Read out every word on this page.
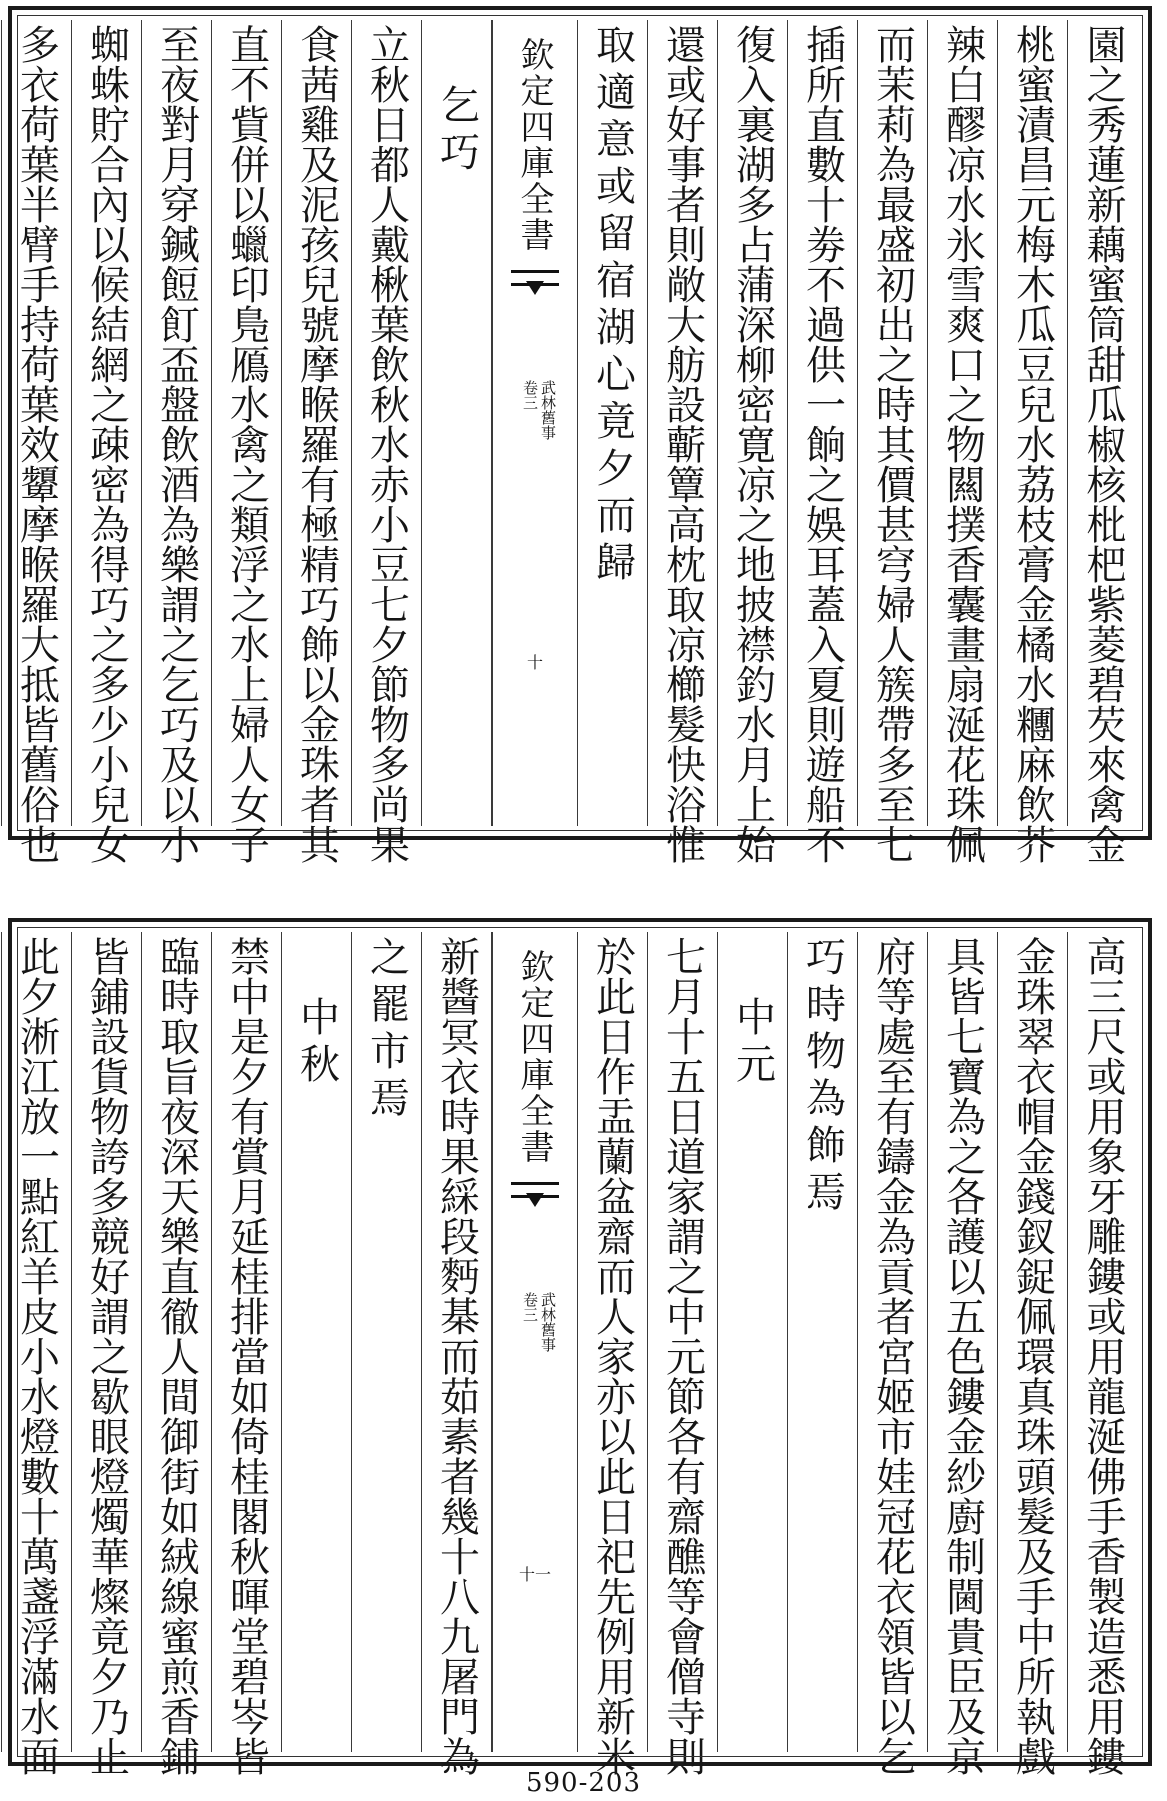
園
之
秀
蓮
新
藕
蜜
筒
甜
瓜
椒
核
枇
杷
紫
菱
碧
芡
來
禽
金
桃
蜜
漬
昌
元
梅
木
瓜
豆
兒
水
荔
枝
膏
金
橘
水
糰
麻
飲
芥
辣
白
醪
凉
水
氷
雪
爽
口
之
物
闗
撲
香
囊
畫
扇
涎
花
珠
佩
而
茉
莉
為
最
盛
初
出
之
時
其
價
甚
穹
婦
人
簇
帶
多
至
七
插
所
直
數
十
劵
不
過
供
一
餉
之
娛
耳
蓋
入
夏
則
遊
船
不
復
入
裏
湖
多
占
蒲
深
柳
密
寛
凉
之
地
披
襟
釣
水
月
上
始
還
或
好
事
者
則
敞
大
舫
設
蘄
簟
高
枕
取
凉
櫛
髮
快
浴
惟
取
適
意
或
留
宿
湖
心
竟
夕
而
歸
欽定四庫全書
武林舊事
卷三
十
乞
巧
立
秋
日
都
人
戴
楸
葉
飲
秋
水
赤
小
豆
七
夕
節
物
多
尚
果
食
茜
雞
及
泥
孩
兒
號
摩
睺
羅
有
極
精
巧
飾
以
金
珠
者
其
直
不
貲
併
以
蠟
印
鳬
鴈
水
禽
之
類
浮
之
水
上
婦
人
女
子
至
夜
對
月
穿
鍼
餖
飣
盃
盤
飲
酒
為
樂
謂
之
乞
巧
及
以
小
蜘
蛛
貯
合
內
以
候
結
網
之
疎
密
為
得
巧
之
多
少
小
兒
女
多
衣
荷
葉
半
臂
手
持
荷
葉
效
顰
摩
睺
羅
大
抵
皆
舊
俗
也
高
三
尺
或
用
象
牙
雕
鏤
或
用
龍
涎
佛
手
香
製
造
悉
用
鏤
金
珠
翠
衣
帽
金
錢
釵
鋜
佩
環
真
珠
頭
髮
及
手
中
所
執
戲
具
皆
七
寶
為
之
各
護
以
五
色
鏤
金
紗
廚
制
閫
貴
臣
及
京
府
等
處
至
有
鑄
金
為
貢
者
宮
姬
市
娃
冠
花
衣
領
皆
以
乞
巧
時
物
為
飾
焉
中
元
七
月
十
五
日
道
家
謂
之
中
元
節
各
有
齋
醮
等
會
僧
寺
則
於
此
日
作
盂
蘭
盆
齋
而
人
家
亦
以
此
日
祀
先
例
用
新
米
欽定四庫全書
武林舊事
卷三
十一
新
醬
冥
衣
時
果
綵
段
麪
棊
而
茹
素
者
幾
十
八
九
屠
門
為
之
罷
市
焉
中
秋
禁
中
是
夕
有
賞
月
延
桂
排
當
如
倚
桂
閣
秋
暉
堂
碧
岑
皆
臨
時
取
旨
夜
深
天
樂
直
徹
人
間
御
街
如
絨
線
蜜
煎
香
鋪
皆
鋪
設
貨
物
誇
多
競
好
謂
之
歇
眼
燈
燭
華
燦
竟
夕
乃
止
此
夕
淅
江
放
一
點
紅
羊
皮
小
水
燈
數
十
萬
盞
浮
滿
水
面
590-203
